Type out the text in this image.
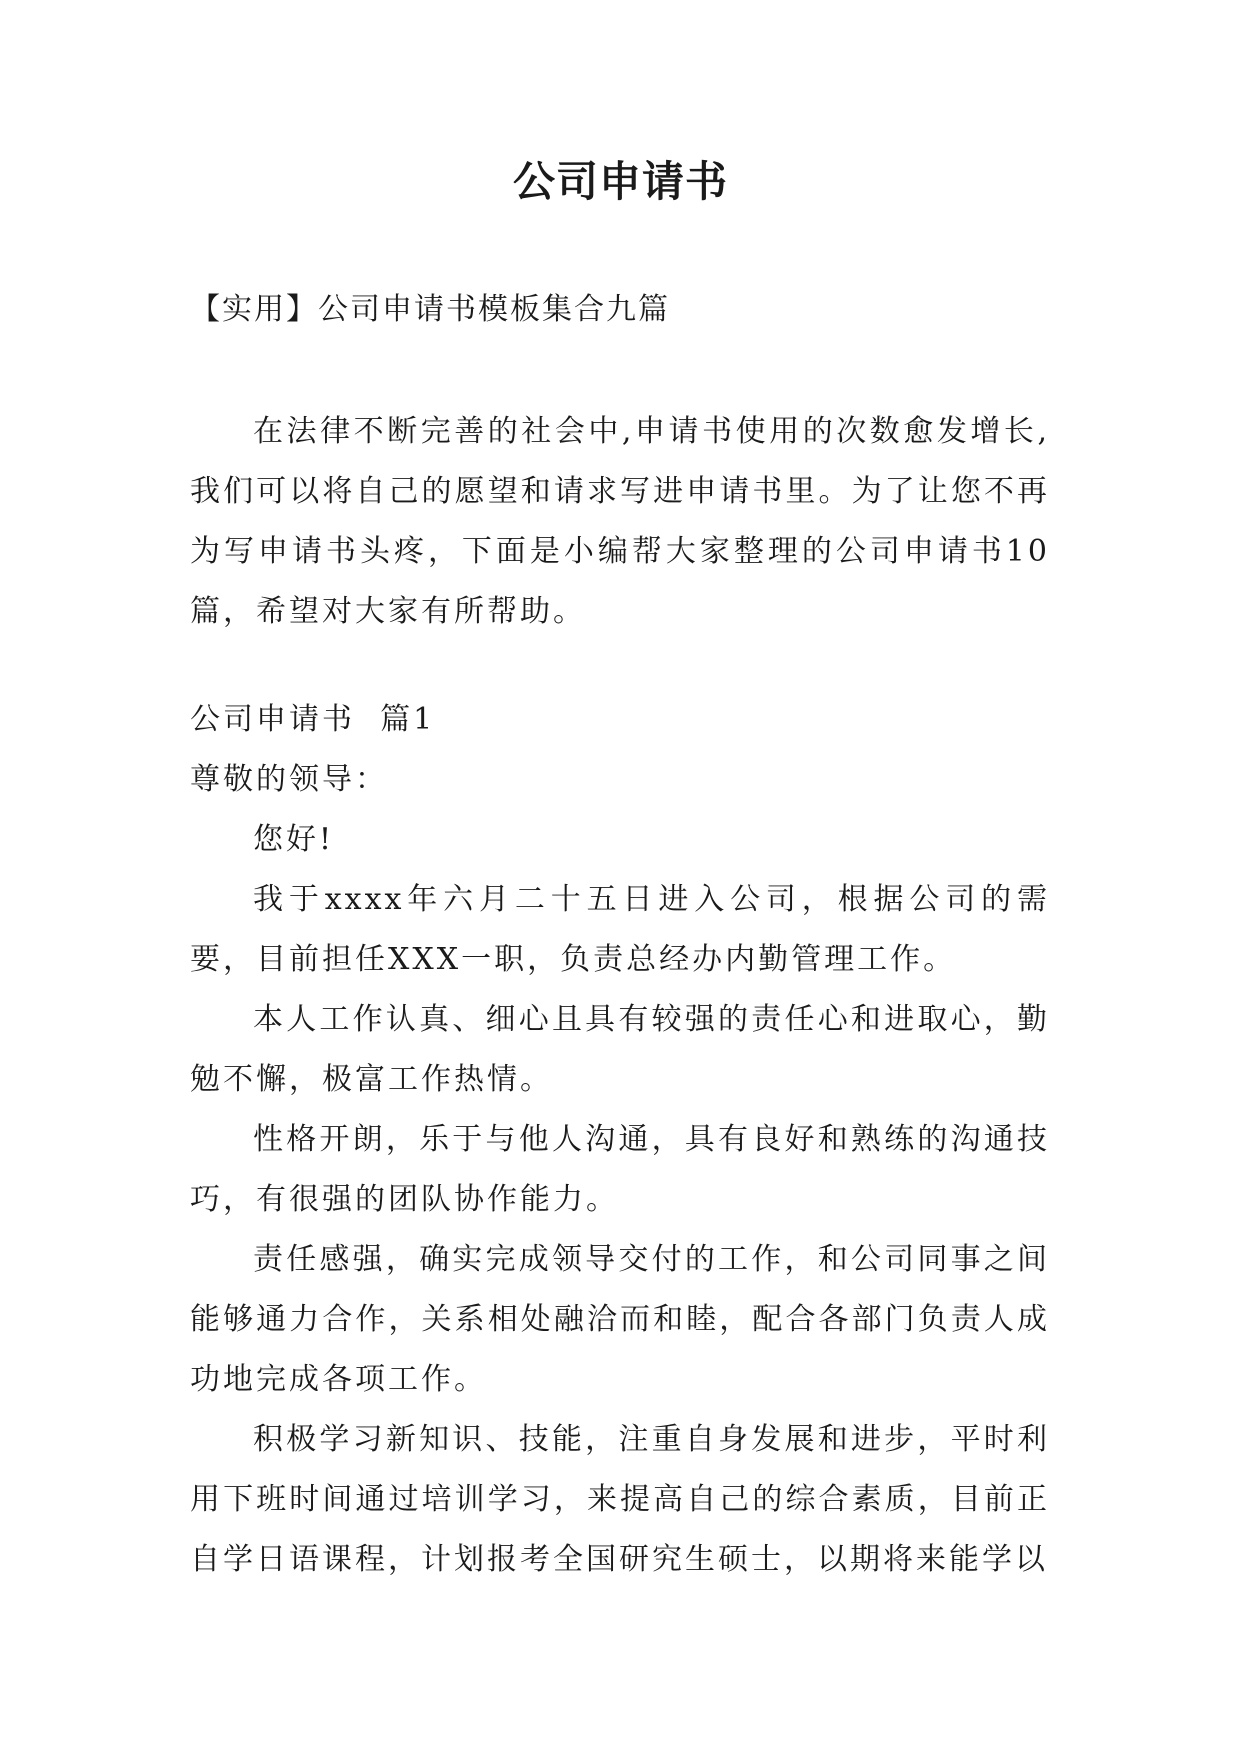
公司申请书
【实用】公司申请书模板集合九篇

在法律不断完善的社会中,申请书使用的次数愈发增长,我们可以将自己的愿望和请求写进申请书里。为了让您不再为写申请书头疼，下面是小编帮大家整理的公司申请书10篇，希望对大家有所帮助。

公司申请书  篇1

尊敬的领导：

您好!

我于xxxx年六月二十五日进入公司，根据公司的需要，目前担任XXX一职，负责总经办内勤管理工作。

本人工作认真、细心且具有较强的责任心和进取心，勤勉不懈，极富工作热情。

性格开朗，乐于与他人沟通，具有良好和熟练的沟通技巧，有很强的团队协作能力。

责任感强，确实完成领导交付的工作，和公司同事之间能够通力合作，关系相处融洽而和睦，配合各部门负责人成功地完成各项工作。

积极学习新知识、技能，注重自身发展和进步，平时利用下班时间通过培训学习，来提高自己的综合素质，目前正自学日语课程，计划报考全国研究生硕士，以期将来能学以
